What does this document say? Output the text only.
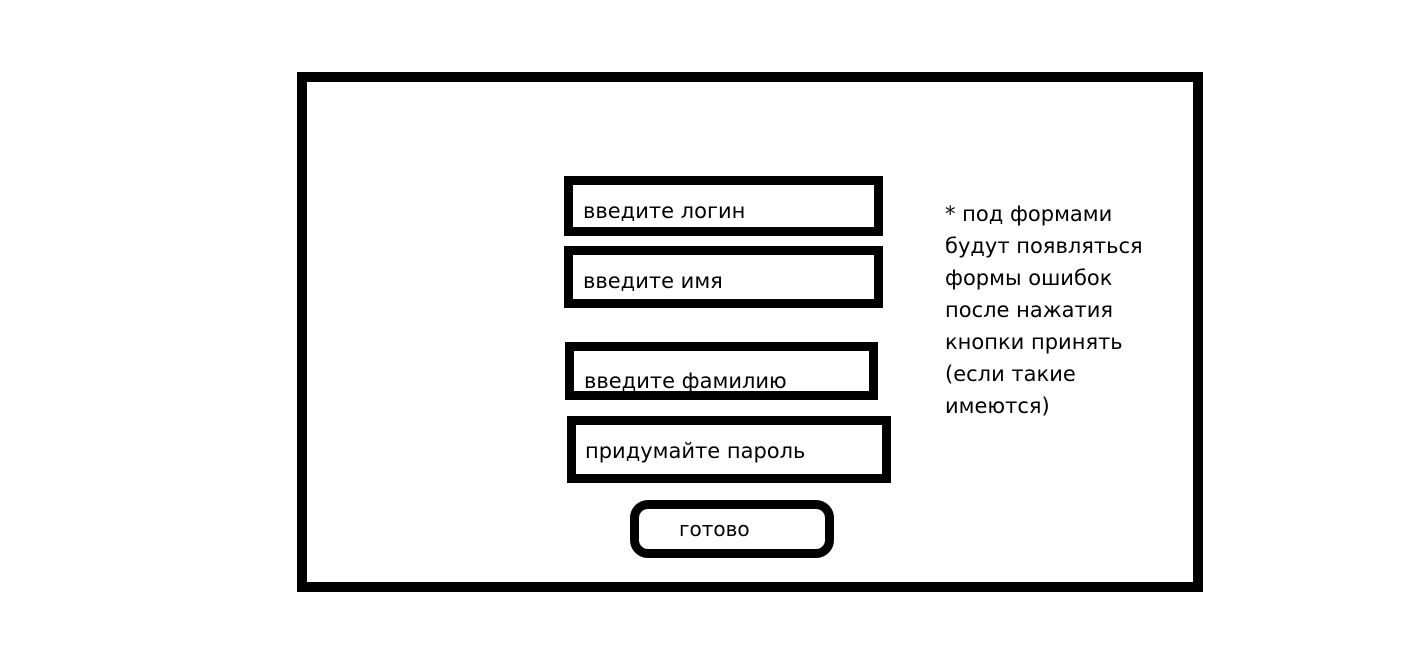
введите логин
введите имя
введите фамилию
придумайте пароль
готово
* под формами
будут появляться
формы ошибок
после нажатия
кнопки принять
(если такие
имеются)
